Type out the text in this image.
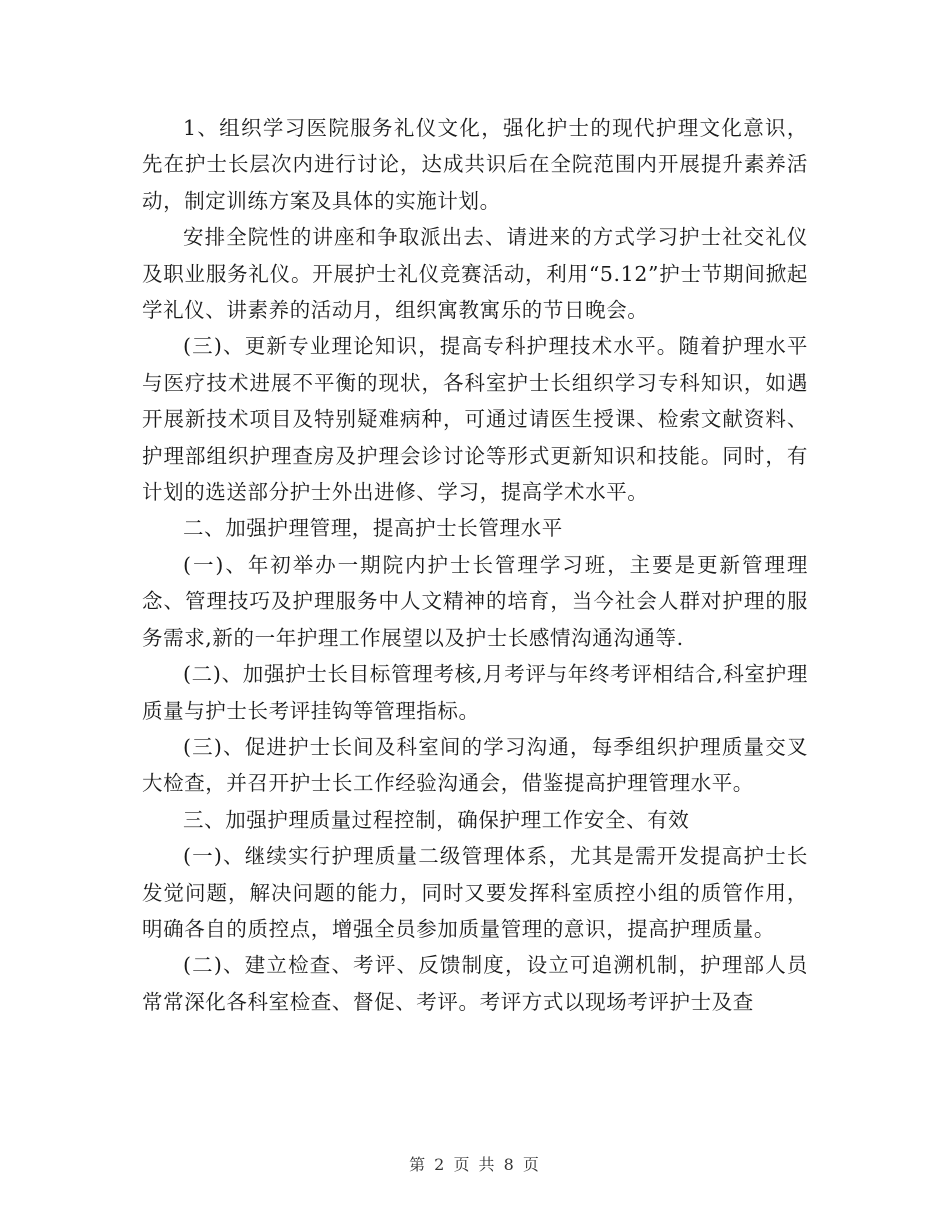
1、组织学习医院服务礼仪文化，强化护士的现代护理文化意识，先在护士长层次内进行讨论，达成共识后在全院范围内开展提升素养活动，制定训练方案及具体的实施计划。

安排全院性的讲座和争取派出去、请进来的方式学习护士社交礼仪及职业服务礼仪。开展护士礼仪竞赛活动，利用“5.12”护士节期间掀起学礼仪、讲素养的活动月，组织寓教寓乐的节日晚会。

(三)、更新专业理论知识，提高专科护理技术水平。随着护理水平与医疗技术进展不平衡的现状，各科室护士长组织学习专科知识，如遇开展新技术项目及特别疑难病种，可通过请医生授课、检索文献资料、护理部组织护理查房及护理会诊讨论等形式更新知识和技能。同时，有计划的选送部分护士外出进修、学习，提高学术水平。

二、加强护理管理，提高护士长管理水平

(一)、年初举办一期院内护士长管理学习班，主要是更新管理理念、管理技巧及护理服务中人文精神的培育，当今社会人群对护理的服务需求,新的一年护理工作展望以及护士长感情沟通沟通等.

(二)、加强护士长目标管理考核,月考评与年终考评相结合,科室护理质量与护士长考评挂钩等管理指标。

(三)、促进护士长间及科室间的学习沟通，每季组织护理质量交叉大检查，并召开护士长工作经验沟通会，借鉴提高护理管理水平。

三、加强护理质量过程控制，确保护理工作安全、有效

(一)、继续实行护理质量二级管理体系，尤其是需开发提高护士长发觉问题，解决问题的能力，同时又要发挥科室质控小组的质管作用，明确各自的质控点，增强全员参加质量管理的意识，提高护理质量。

(二)、建立检查、考评、反馈制度，设立可追溯机制，护理部人员常常深化各科室检查、督促、考评。考评方式以现场考评护士及查

第 2 页 共 8 页
